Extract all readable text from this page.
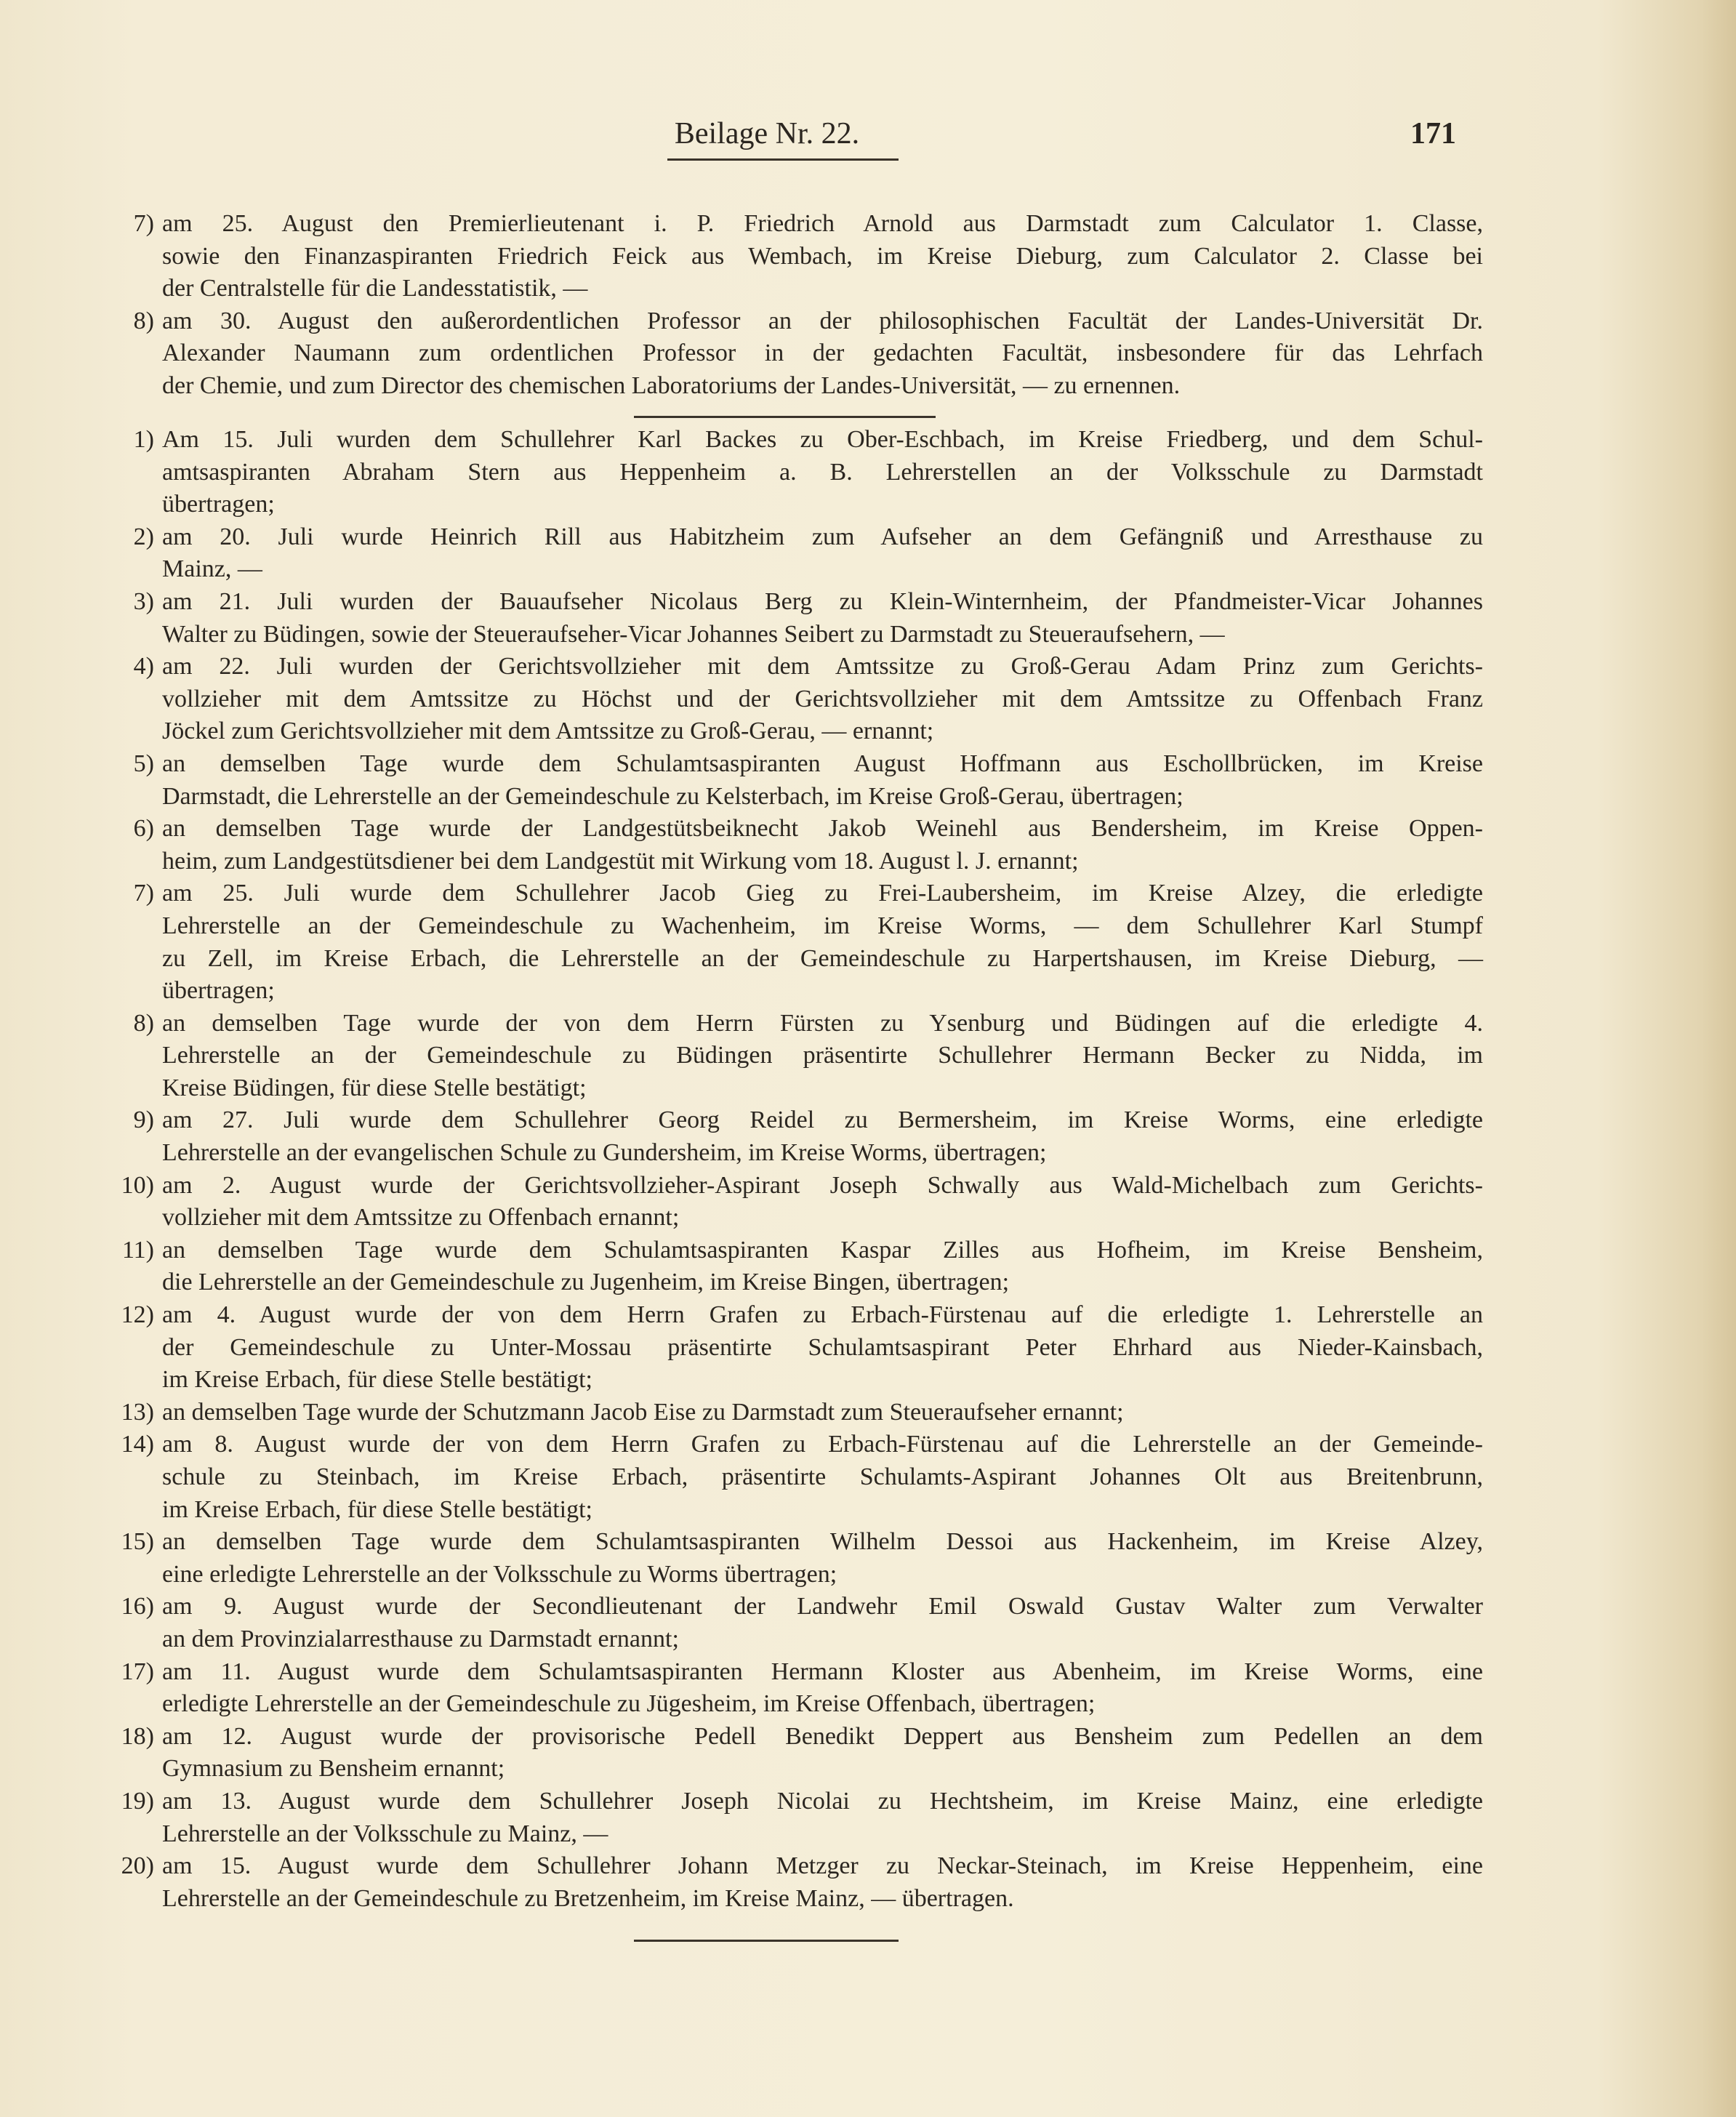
Beilage Nr. 22.	171
7) am 25. August den Premierlieutenant i. P. Friedrich Arnold aus Darmstadt zum Calculator 1. Classe,
sowie den Finanzaspiranten Friedrich Feick aus Wembach, im Kreise Dieburg, zum Calculator 2. Classe bei
der Centralstelle für die Landesstatistik, —
8) am 30. August den außerordentlichen Professor an der philosophischen Facultät der Landes-Universität Dr.
Alexander Naumann zum ordentlichen Professor in der gedachten Facultät, insbesondere für das Lehrfach
der Chemie, und zum Director des chemischen Laboratoriums der Landes-Universität, — zu ernennen.
1) Am 15. Juli wurden dem Schullehrer Karl Backes zu Ober-Eschbach, im Kreise Friedberg, und dem Schul-
amtsaspiranten Abraham Stern aus Heppenheim a. B. Lehrerstellen an der Volksschule zu Darmstadt
übertragen;
2) am 20. Juli wurde Heinrich Rill aus Habitzheim zum Aufseher an dem Gefängniß und Arresthause zu
Mainz, —
3) am 21. Juli wurden der Bauaufseher Nicolaus Berg zu Klein-Winternheim, der Pfandmeister-Vicar Johannes
Walter zu Büdingen, sowie der Steueraufseher-Vicar Johannes Seibert zu Darmstadt zu Steueraufsehern, —
4) am 22. Juli wurden der Gerichtsvollzieher mit dem Amtssitze zu Groß-Gerau Adam Prinz zum Gerichts-
vollzieher mit dem Amtssitze zu Höchst und der Gerichtsvollzieher mit dem Amtssitze zu Offenbach Franz
Jöckel zum Gerichtsvollzieher mit dem Amtssitze zu Groß-Gerau, — ernannt;
5) an demselben Tage wurde dem Schulamtsaspiranten August Hoffmann aus Eschollbrücken, im Kreise
Darmstadt, die Lehrerstelle an der Gemeindeschule zu Kelsterbach, im Kreise Groß-Gerau, übertragen;
6) an demselben Tage wurde der Landgestütsbeiknecht Jakob Weinehl aus Bendersheim, im Kreise Oppen-
heim, zum Landgestütsdiener bei dem Landgestüt mit Wirkung vom 18. August l. J. ernannt;
7) am 25. Juli wurde dem Schullehrer Jacob Gieg zu Frei-Laubersheim, im Kreise Alzey, die erledigte
Lehrerstelle an der Gemeindeschule zu Wachenheim, im Kreise Worms, — dem Schullehrer Karl Stumpf
zu Zell, im Kreise Erbach, die Lehrerstelle an der Gemeindeschule zu Harpertshausen, im Kreise Dieburg, —
übertragen;
8) an demselben Tage wurde der von dem Herrn Fürsten zu Ysenburg und Büdingen auf die erledigte 4.
Lehrerstelle an der Gemeindeschule zu Büdingen präsentirte Schullehrer Hermann Becker zu Nidda, im
Kreise Büdingen, für diese Stelle bestätigt;
9) am 27. Juli wurde dem Schullehrer Georg Reidel zu Bermersheim, im Kreise Worms, eine erledigte
Lehrerstelle an der evangelischen Schule zu Gundersheim, im Kreise Worms, übertragen;
10) am 2. August wurde der Gerichtsvollzieher-Aspirant Joseph Schwally aus Wald-Michelbach zum Gerichts-
vollzieher mit dem Amtssitze zu Offenbach ernannt;
11) an demselben Tage wurde dem Schulamtsaspiranten Kaspar Zilles aus Hofheim, im Kreise Bensheim,
die Lehrerstelle an der Gemeindeschule zu Jugenheim, im Kreise Bingen, übertragen;
12) am 4. August wurde der von dem Herrn Grafen zu Erbach-Fürstenau auf die erledigte 1. Lehrerstelle an
der Gemeindeschule zu Unter-Mossau präsentirte Schulamtsaspirant Peter Ehrhard aus Nieder-Kainsbach,
im Kreise Erbach, für diese Stelle bestätigt;
13) an demselben Tage wurde der Schutzmann Jacob Eise zu Darmstadt zum Steueraufseher ernannt;
14) am 8. August wurde der von dem Herrn Grafen zu Erbach-Fürstenau auf die Lehrerstelle an der Gemeinde-
schule zu Steinbach, im Kreise Erbach, präsentirte Schulamts-Aspirant Johannes Olt aus Breitenbrunn,
im Kreise Erbach, für diese Stelle bestätigt;
15) an demselben Tage wurde dem Schulamtsaspiranten Wilhelm Dessoi aus Hackenheim, im Kreise Alzey,
eine erledigte Lehrerstelle an der Volksschule zu Worms übertragen;
16) am 9. August wurde der Secondlieutenant der Landwehr Emil Oswald Gustav Walter zum Verwalter
an dem Provinzialarresthause zu Darmstadt ernannt;
17) am 11. August wurde dem Schulamtsaspiranten Hermann Kloster aus Abenheim, im Kreise Worms, eine
erledigte Lehrerstelle an der Gemeindeschule zu Jügesheim, im Kreise Offenbach, übertragen;
18) am 12. August wurde der provisorische Pedell Benedikt Deppert aus Bensheim zum Pedellen an dem
Gymnasium zu Bensheim ernannt;
19) am 13. August wurde dem Schullehrer Joseph Nicolai zu Hechtsheim, im Kreise Mainz, eine erledigte
Lehrerstelle an der Volksschule zu Mainz, —
20) am 15. August wurde dem Schullehrer Johann Metzger zu Neckar-Steinach, im Kreise Heppenheim, eine
Lehrerstelle an der Gemeindeschule zu Bretzenheim, im Kreise Mainz, — übertragen.
